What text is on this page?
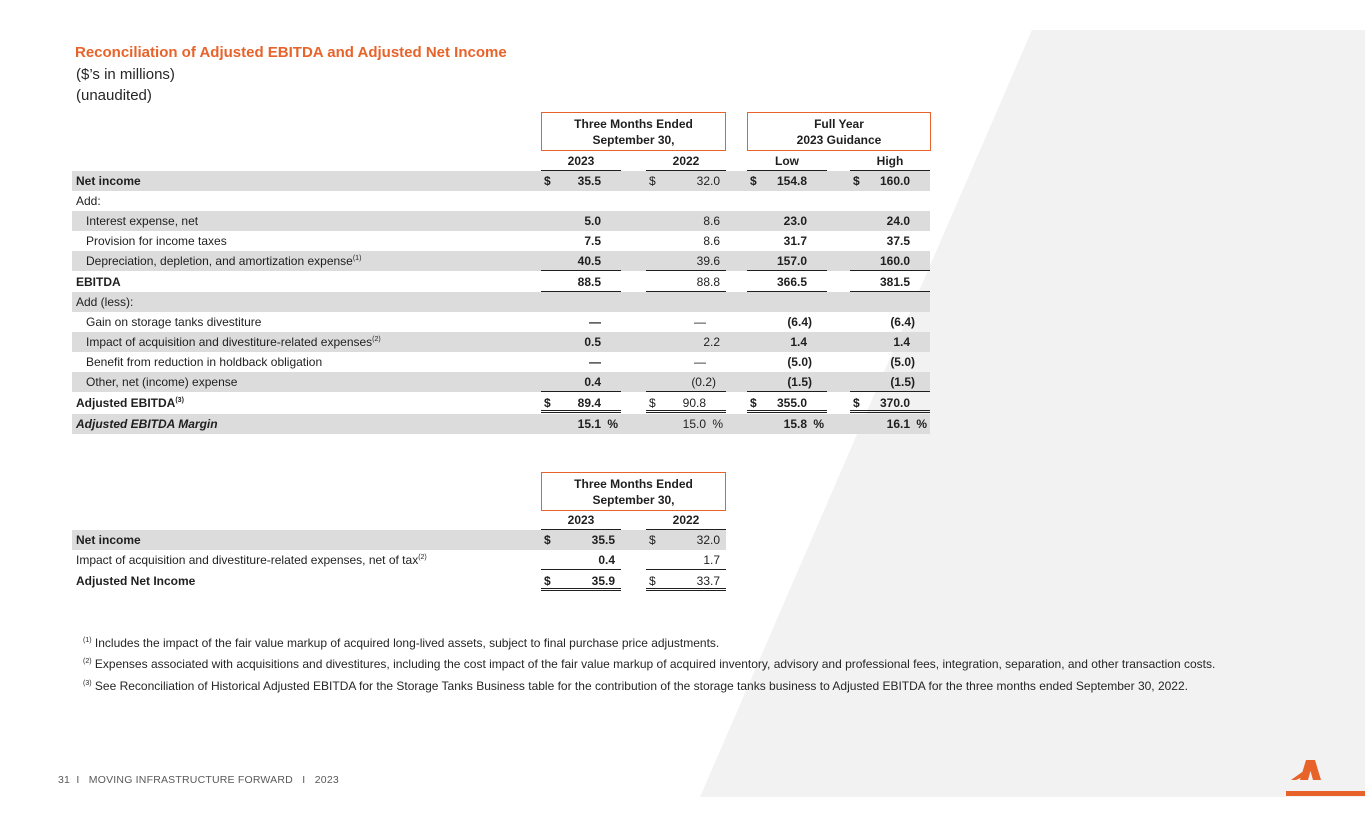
Reconciliation of Adjusted EBITDA and Adjusted Net Income
($’s in millions)
(unaudited)
Three Months Ended
September 30,
Full Year
2023 Guidance
2023	2022	Low	High
Net income	$ 35.5	$	32.0	$ 154.8	$ 160.0
Add:
Interest expense, net	5.0	8.6	23.0	24.0
Provision for income taxes	7.5	8.6	31.7	37.5
Depreciation, depletion, and amortization expense$^{(1)}$	40.5	39.6	157.0	160.0
EBITDA	88.5	88.8	366.5	381.5
Add (less):
Gain on storage tanks divestiture	—	—	(6.4)	(6.4)
Impact of acquisition and divestiture-related expenses$^{(2)}$	0.5	2.2	1.4	1.4
Benefit from reduction in holdback obligation	—	—	(5.0)	(5.0)
Other, net (income) expense	0.4	(0.2)	(1.5)	(1.5)
Adjusted EBITDA$^{(3)}$	$ 89.4	$ 90.8	$ 355.0	$ 370.0
Adjusted EBITDA Margin	15.1 %	15.0 %	15.8 %	16.1 %
Three Months Ended
September 30,
2023	2022
Net income	$	35.5	$	32.0
Impact of acquisition and divestiture-related expenses, net of tax$^{(2)}$	0.4	1.7
Adjusted Net Income	$	35.9	$	33.7
$^{(1)}$ Includes the impact of the fair value markup of acquired long-lived assets, subject to final purchase price adjustments.
$^{(2)}$ Expenses associated with acquisitions and divestitures, including the cost impact of the fair value markup of acquired inventory, advisory and professional fees, integration, separation, and other transaction costs.
$^{(3)}$ See Reconciliation of Historical Adjusted EBITDA for the Storage Tanks Business table for the contribution of the storage tanks business to Adjusted EBITDA for the three months ended September 30, 2022.
31  I   MOVING INFRASTRUCTURE FORWARD   I   2023
